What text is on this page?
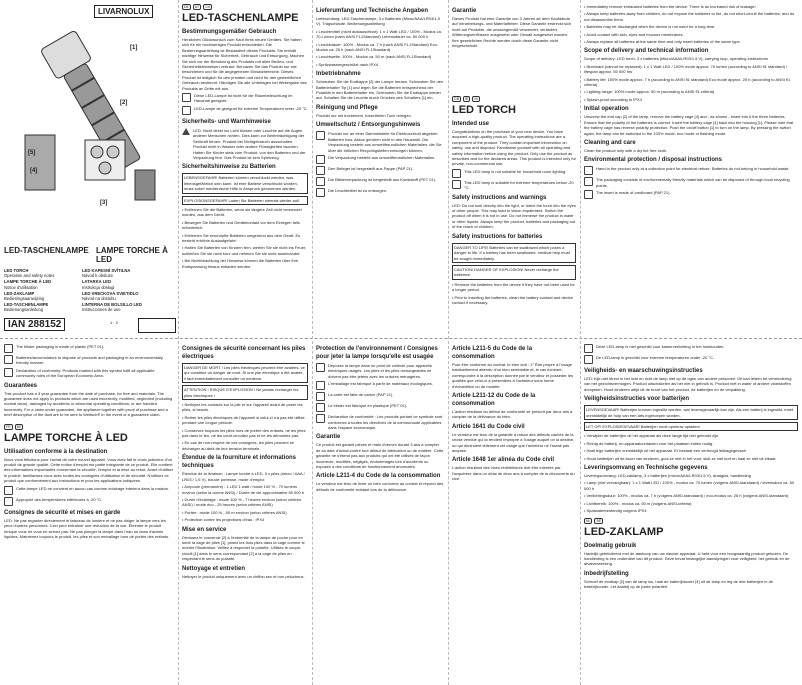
LIVARNOLUX
[1]
[2]
[3]
[4]
[5]
LED-TASCHENLAMPE LAMPE TORCHE À LED
LED TORCH
Operation and safety notes
LED KAPESNÍ SVÍTILNA
Návod k obsluze
LAMPE TORCHE À LED
Notice d'utilisation
LATARKA LED
Instrukcja obsługi
LED-ZAKLAMP
Bedieningsaanwijzing
LED VRECKOVÁ SVIETIDLO
Návod na obsluhu
LED-TASCHENLAMPE
Bedienungsanleitung
LINTERNA DE BOLSILLO LED
Instrucciones de uso
IAN 288152	1 · 2
DE	AT	CH
LED-TASCHENLAMPE
Bestimmungsgemäßer Gebrauch

Herzlichen Glückwunsch zum Kauf Ihres neuen Gerätes. Sie haben sich für ein hochwertiges Produkt entschieden. Die Bedienungsanleitung ist Bestandteil dieses Produkts. Sie enthält wichtige Hinweise für Sicherheit, Gebrauch und Entsorgung. Machen Sie sich vor der Benutzung des Produkts mit allen Bedien- und Sicherheitshinweisen vertraut. Benutzen Sie das Produkt nur wie beschrieben und für die angegebenen Einsatzbereiche. Dieses Produkt ist lediglich für den privaten und nicht für den gewerblichen Gebrauch bestimmt. Händigen Sie alle Unterlagen bei Weitergabe des Produkts an Dritte mit aus.

Diese LED-Lampe ist nicht für die Raumbeleuchtung im Haushalt geeignet.
LED-Lampe ist geeignet für extreme Temperaturen unter -20 °C.
Sicherheits- und Warnhinweise
LED: Nicht direkt ins Licht blicken oder Leuchte auf die Augen anderer Menschen richten. Dies kann zur Beeinträchtigung der Sehkraft führen. Produkt bei Nichtgebrauch ausschalten. Produkt nicht in Wasser oder andere Flüssigkeiten tauchen. Halten Sie Kinder stets vom Produkt, von den Batterien und der Verpackung fern. Das Produkt ist kein Spielzeug.
Sicherheitshinweise zu Batterien
LEBENSGEFAHR! Batterien können verschluckt werden, was lebensgefährlich sein kann. Ist eine Batterie verschluckt worden, muss sofort medizinische Hilfe in Anspruch genommen werden.
EXPLOSIONSGEFAHR! Laden Sie Batterien niemals wieder auf!

• Entfernen Sie die Batterien, wenn sie längere Zeit nicht verwendet wurden, aus dem Gerät.

• Bewegen Sie Batterien und Gerätekontakt vor dem Einlegen falls erforderlich.

• Entfernen Sie erschöpfte Batterien umgehend aus dem Gerät. Es besteht erhöhte Auslaufgefahr!

• Halten Sie Batterien von Kindern fern, werfen Sie sie nicht ins Feuer, schließen Sie sie nicht kurz und nehmen Sie sie nicht auseinander.

• Bei Nichtbeachtung der Hinweise können die Batterien über ihre Endspannung hinaus entladen werden.

Lieferumfang und Technische Angaben

Lieferumfang: LED-Taschenlampe, 3 x Batterien (Micro/AAA/LR03/1,5 V). Tragschlaufe. Bedienungsanleitung

• Leuchtmittel (nicht austauschbar): 1 x 1 Watt LED / 100% - Modus ca. 70 Lumen (nach ANSI FL1Standard) Lebensdauer ca. 50 000 h

• Leuchtdauer: 100% - Modus ca. 7 h (nach ANSI FL1Standard) Eco-Modus ca. 25 h (nach ANSI FL1Standard)

• Leuchtweite: 100% - Modus ca. 50 m (nach ANSI FL1Standard)

• Spritzwassergeschützt nach IPX4

Inbetriebnahme

Schrauben Sie die Endkappe [2] der Lampe heraus. Schrauben Sie den Batteriehalter Tip [1] und legen Sie die Batterien entsprechend der Polarität in den Batteriehalter ein. Schrauben Sie die Endkappe wieder auf. Schalten Sie die Leuchte durch Drücken des Schalters [1] ein.

Reinigung und Pflege

Produkt nur mit trockenem, fusselfreien Tuch reinigen.

Umweltschutz / Entsorgungshinweis
Produkt nur an einer Sammelstelle für Elektroschrott abgeben. Batterien bzw. Akkus gehören nicht in den Hausmüll. Die Verpackung besteht aus umweltfreundlichen Materialien, die Sie über die örtlichen Recyclingstellen entsorgen können.
Die Verpackung besteht aus umweltfreundlichen Materialien.
Den Beleger ist hergestellt aus Pappe (PAP 21).
Die Blisterverpackung ist hergestellt aus Kunststoff (PET 01).
Die Leuchtmittel ist zu entsorgen.
Garantie

Dieses Produkt hat eine Garantie von 3 Jahren ab dem Kaufdatum auf Verarbeitungs- und Materialfehler. Diese Garantie erstreckt sich nicht auf Produkte, die unsachgemäß verwendet, verändert, Witterungseinflüssen ausgesetzt oder Gewalt ausgesetzt wurden. Ihre gesetzlichen Rechte werden durch diese Garantie nicht eingeschränkt.

• Immediately remove exhausted batteries from the device. There is an increased risk of leakage!

• Always keep batteries away from children, do not expose the batteries to fire, do not short-circuit the batteries, and do not disassemble them.

• Batteries may be discharged when the device is not used for a long time.

• Avoid contact with skin, eyes and mucous membranes.

• Always replace all batteries at the same time and only insert batteries of the same type.

Scope of delivery and technical information

Scope of delivery: LED torch, 3 x batteries (Micro/AAA/LR03/1.5 V), carrying loop, operating instructions

• Illuminant (cannot be replaced): 1 x 1 Watt LED / 100% mode approx. 70 lumen (according to ANSI fl1 standard) / lifespan approx. 50 000 hrs

• Battery life: 100% mode approx. 7 h (according to ANSI fl1 standard) Eco mode approx. 25 h (according to ANSI fl1 criteria)

• Lighting range: 100% mode approx. 50 m (according to ANSI fl1 criteria)

• Splash-proof according to IPX4

Initial operation

Unscrew the end cap [2] of the lamp, remove the battery cage [4] and - as shown - insert into it the three batteries. Ensure that the polarity of the batteries is correct. Insert the battery cage [4] back into the housing [1]. Please note that the battery cage has reverse polarity protection. Push the on/off button [1] to turn on the lamp. By pressing the switch again, the lamp can be switched to the 100% mode, eco mode or flashing mode.

Cleaning and care

Clean the product only with a dry lint free cloth.

Environmental protection / disposal instructions
Hand in the product only at a collection point for electrical refuse. Batteries do not belong in household waste.
The packaging consists of environmentally friendly materials which can be disposed of through local recycling points.
The insert is made of cardboard (PAP 21).
GB	IE	NI
LED TORCH
Intended use

Congratulations on the purchase of your new device. You have acquired a high-quality product. The operating instructions are a component of the product. They contain important information on safety, use and disposal. Familiarise yourself with all operating and safety information before using the product. Only use the product as described and for the declared areas. This product is intended only for private, non-commercial use.

This LED lamp is not suitable for household room lighting.
This LED lamp is suitable for extreme temperatures below -20 °C.
Safety instructions and warnings

LED: Do not look directly into the light, or direct the torch into the eyes of other people. This may lead to vision impairment. Switch the product off when it is not in use. Do not immerse the product in water or other liquids. Always keep the product, batteries and packaging out of the reach of children.

Safety instructions for batteries
DANGER TO LIFE! Batteries can be swallowed which poses a danger to life. If a battery has been swallowed, medical help must be sought immediately.
CAUTION! DANGER OF EXPLOSION! Never recharge the batteries!

• Remove the batteries from the device if they have not been used for a longer period.

• Prior to inserting the batteries, clean the battery contact and device contact if necessary.

The blister packaging is made of plastic (PET 01).
Batteries/accumulators to dispose of products and packaging in an environmentally friendly manner.
Declaration of conformity: Products marked with this symbol fulfil all applicable community rules of the European Economic Area.
Guarantees

This product has a 3 year guarantee from the date of purchase, for free and materials. The guarantee does not apply to products which are used incorrectly, modified, neglected (including normal wear), damaged by accidents or abnormal operating conditions, or are handled incorrectly. For a claim under guarantee, the appliance together with proof of purchase and a brief description of the fault are to be sent to Weltsch® in the event of a guarantee claim.

FR	BE
LAMPE TORCHE À LED
Utilisation conforme à la destination

Nous vous félicitons pour l'achat de votre nouvel appareil. Vous avez fait le choix judicieux d'un produit de grande qualité. Cette notice d'emploi est partie intégrante de ce produit. Elle contient des informations importantes concernant la sécurité, l'emploi et la mise au rebut. Avant d'utiliser le produit, familiarisez-vous avec toutes les consignes d'utilisation et de sécurité. N'utilisez ce produit que conformément aux instructions et pour les applications indiquées.

Cette lampe LED ne convient en aucun cas comme éclairage intérieur dans la maison.
Approprié des températures inférieures à -20 °C.
Consignes de sécurité et mises en garde

LED: Ne pas regarder directement le faisceau de lumière et ne pas diriger la lampe vers les yeux d'autres personnes. Ceci peut entraîner une réduction de la vue. Éteindre le produit lorsque vous ne vous en servez pas. Ne pas plonger la lampe dans l'eau ou dans d'autres liquides. Maintenez toujours le produit, les piles et son emballage hors de portée des enfants.

Consignes de sécurité concernant les piles électriques
DANGER DE MORT ! Les piles électriques peuvent être avalées, ce qui constitue un danger de mort. Si une pile électrique a été avalée, il faut immédiatement consulter un médecin.
ATTENTION ! RISQUE D'EXPLOSION ! Ne jamais recharger les piles électriques !

• Nettoyez les contacts sur la pile et sur l'appareil avant de poser les piles, si besoin.

• Retirer les piles électriques de l'appareil si celui-ci n'a pas été utilisé pendant une longue période.

• Conservez toujours les piles hors de portée des enfants, ne les jetez pas dans le feu, ne les court-circuitez pas et ne les démontez pas.

• En cas de non-respect de ces consignes, les piles peuvent se décharger au-delà de leur tension terminale.

Étendue de la fourniture et informations techniques

Étendue de la livraison : Lampe torche à LED, 3 x piles (micro / AAA / LR03 / 1,5 V), boucle porteuse, mode d'emploi

• Ampoule (permanent) : 1 LED 1 watt / mode 100 % - 70 lumens environ (selon la norme ANSI) / Durée de vie approximative 50 000 h

• Durée d'éclairage : mode 100 % - 7 heures environ (selon critères ANSI) / mode éco - 25 heures (selon critères ANSI)

• Portée : mode 100 % - 50 m environ (selon critères ANSI)

• Protection contre les projections d'eau : IPX4

Mise en service

Dévissez le couvercle [2] à l'extrémité de la lampe de poche pour en sortir la cage de piles [1], posez les trois piles dans la cage comme le montre l'illustration. Veillez à respecter la polarité. Utilisez le coupe-circuit [1] dans le sens correspondant [2] à la cage de piles en respectant le sens du polarité.

Nettoyage et entretien

Nettoyer le produit uniquement avec un chiffon sec et non pelucheux.

Protection de l'environnement / Consignes pour jeter la lampe lorsqu'elle est usagée
Déposez la lampe dans un point de collecte pour appareils électriques usagés. Les piles et les piles rechargeables ne doivent pas être jetées avec les ordures ménagères.
L'emballage est fabriqué à partir de matériaux écologiques.
La carte est faite de carton (PAP 21).
Le blister est fabriqué en plastique (PET 01).
Déclaration de conformité : Les produits portant ce symbole sont conformes à toutes les directives de la communauté applicables dans l'espace économique.
Garantie

Ce produit est garanti pièces et main d'œuvre durant 3 ans à compter de sa date d'achat contre tout défaut de fabrication ou de matière. Cette garantie ne s'étend pas aux produits qui ont été utilisés de façon incorrecte, modifiés, négligés, endommagés lors d'accidents ou exposés à des conditions de fonctionnement anormales.

Article L211-4 du Code de la consommation

Le vendeur est tenu de livrer un bien conforme au contrat et répond des défauts de conformité existant lors de la délivrance.

Article L211-5 du Code de la consommation

Pour être conforme au contrat, le bien doit : 1° Être propre à l'usage habituellement attendu d'un bien semblable et, le cas échéant, correspondre à la description donnée par le vendeur et posséder les qualités que celui-ci a présentées à l'acheteur sous forme d'échantillon ou de modèle.

Article L211-12 du Code de la consommation

L'action résultant du défaut de conformité se prescrit par deux ans à compter de la délivrance du bien.

Article 1641 du Code civil

Le vendeur est tenu de la garantie à raison des défauts cachés de la chose vendue qui la rendent impropre à l'usage auquel on la destine, ou qui diminuent tellement cet usage que l'acheteur ne l'aurait pas acquise.

Article 1648 1er alinéa du Code civil

L'action résultant des vices rédhibitoires doit être intentée par l'acquéreur dans un délai de deux ans à compter de la découverte du vice.

Deze LED-lamp is niet geschikt voor kamerverlichting in het huishouden.
De LED-lamp is geschikt voor extreme temperaturen onder -20 °C.
Veiligheids- en waarschuwingsinstructies

LED: Kijk niet direct in het licht en richt de lamp niet op de ogen van andere personen. Dit kan leiden tot vermindering van het gezichtsvermogen. Product uitschakelen als het niet in gebruik is. Product niet in water of andere vloeistoffen dompelen. Houd kinderen altijd uit de buurt van het product, de batterijen en de verpakking.

Veiligheidsinstructies voor batterijen
LEVENSGEVAAR! Batterijen kunnen ingeslikt worden, wat levensgevaarlijk kan zijn. Als een batterij is ingeslikt, moet onmiddellijk de hulp van een arts ingeroepen worden.
LET OP! EXPLOSIEGEVAAR! Batterijen nooit opnieuw opladen!

• Verwijder de batterijen uit het apparaat als deze lange tijd niet gebruikt zijn.

• Reinig de batterij- en apparaatcontacten voor het plaatsen indien nodig.

• Haal lege batterijen onmiddellijk uit het apparaat. Er bestaat een verhoogd lekkagegevaar!

• Houd batterijen uit de buurt van kinderen, gooi ze niet in het vuur, sluit ze niet kort en haal ze niet uit elkaar.

Leveringsomvang en Technische gegevens

Leveringsomvang: LED-zaklamp, 3 x batterijen (micro/AAA/LR03/1,5 V), draaglus, handleiding

• Lamp (niet vervangbaar): 1 x 1 Watt LED / 100% - modus ca. 70 lumen (volgens ANSI-standaard) / levensduur ca. 50 000 h

• Verlichtingsduur: 100% - modus ca. 7 h (volgens ANSI-standaard) / eco-modus ca. 25 h (volgens ANSI-standaard)

• Lichtbereik: 100% - modus ca. 50 m (volgens ANSI-criteria)

• Spatwaterbestendig volgens IPX4

NL	BE
LED-ZAKLAMP
Doelmatig gebruik

Hartelijk gefeliciteerd met de aankoop van uw nieuwe apparaat. U hebt voor een hoogwaardig product gekozen. De handleiding is een onderdeel van dit product. Deze bevat belangrijke aanwijzingen voor veiligheid, het gebruik en de afvalverwerking.

Inbedrijfstelling

Schroef de eindkap [2] van de lamp los, haal de batterijhouder [4] uit de lamp en leg de drie batterijen in de batterijhouder. Let daarbij op de juiste polariteit.
